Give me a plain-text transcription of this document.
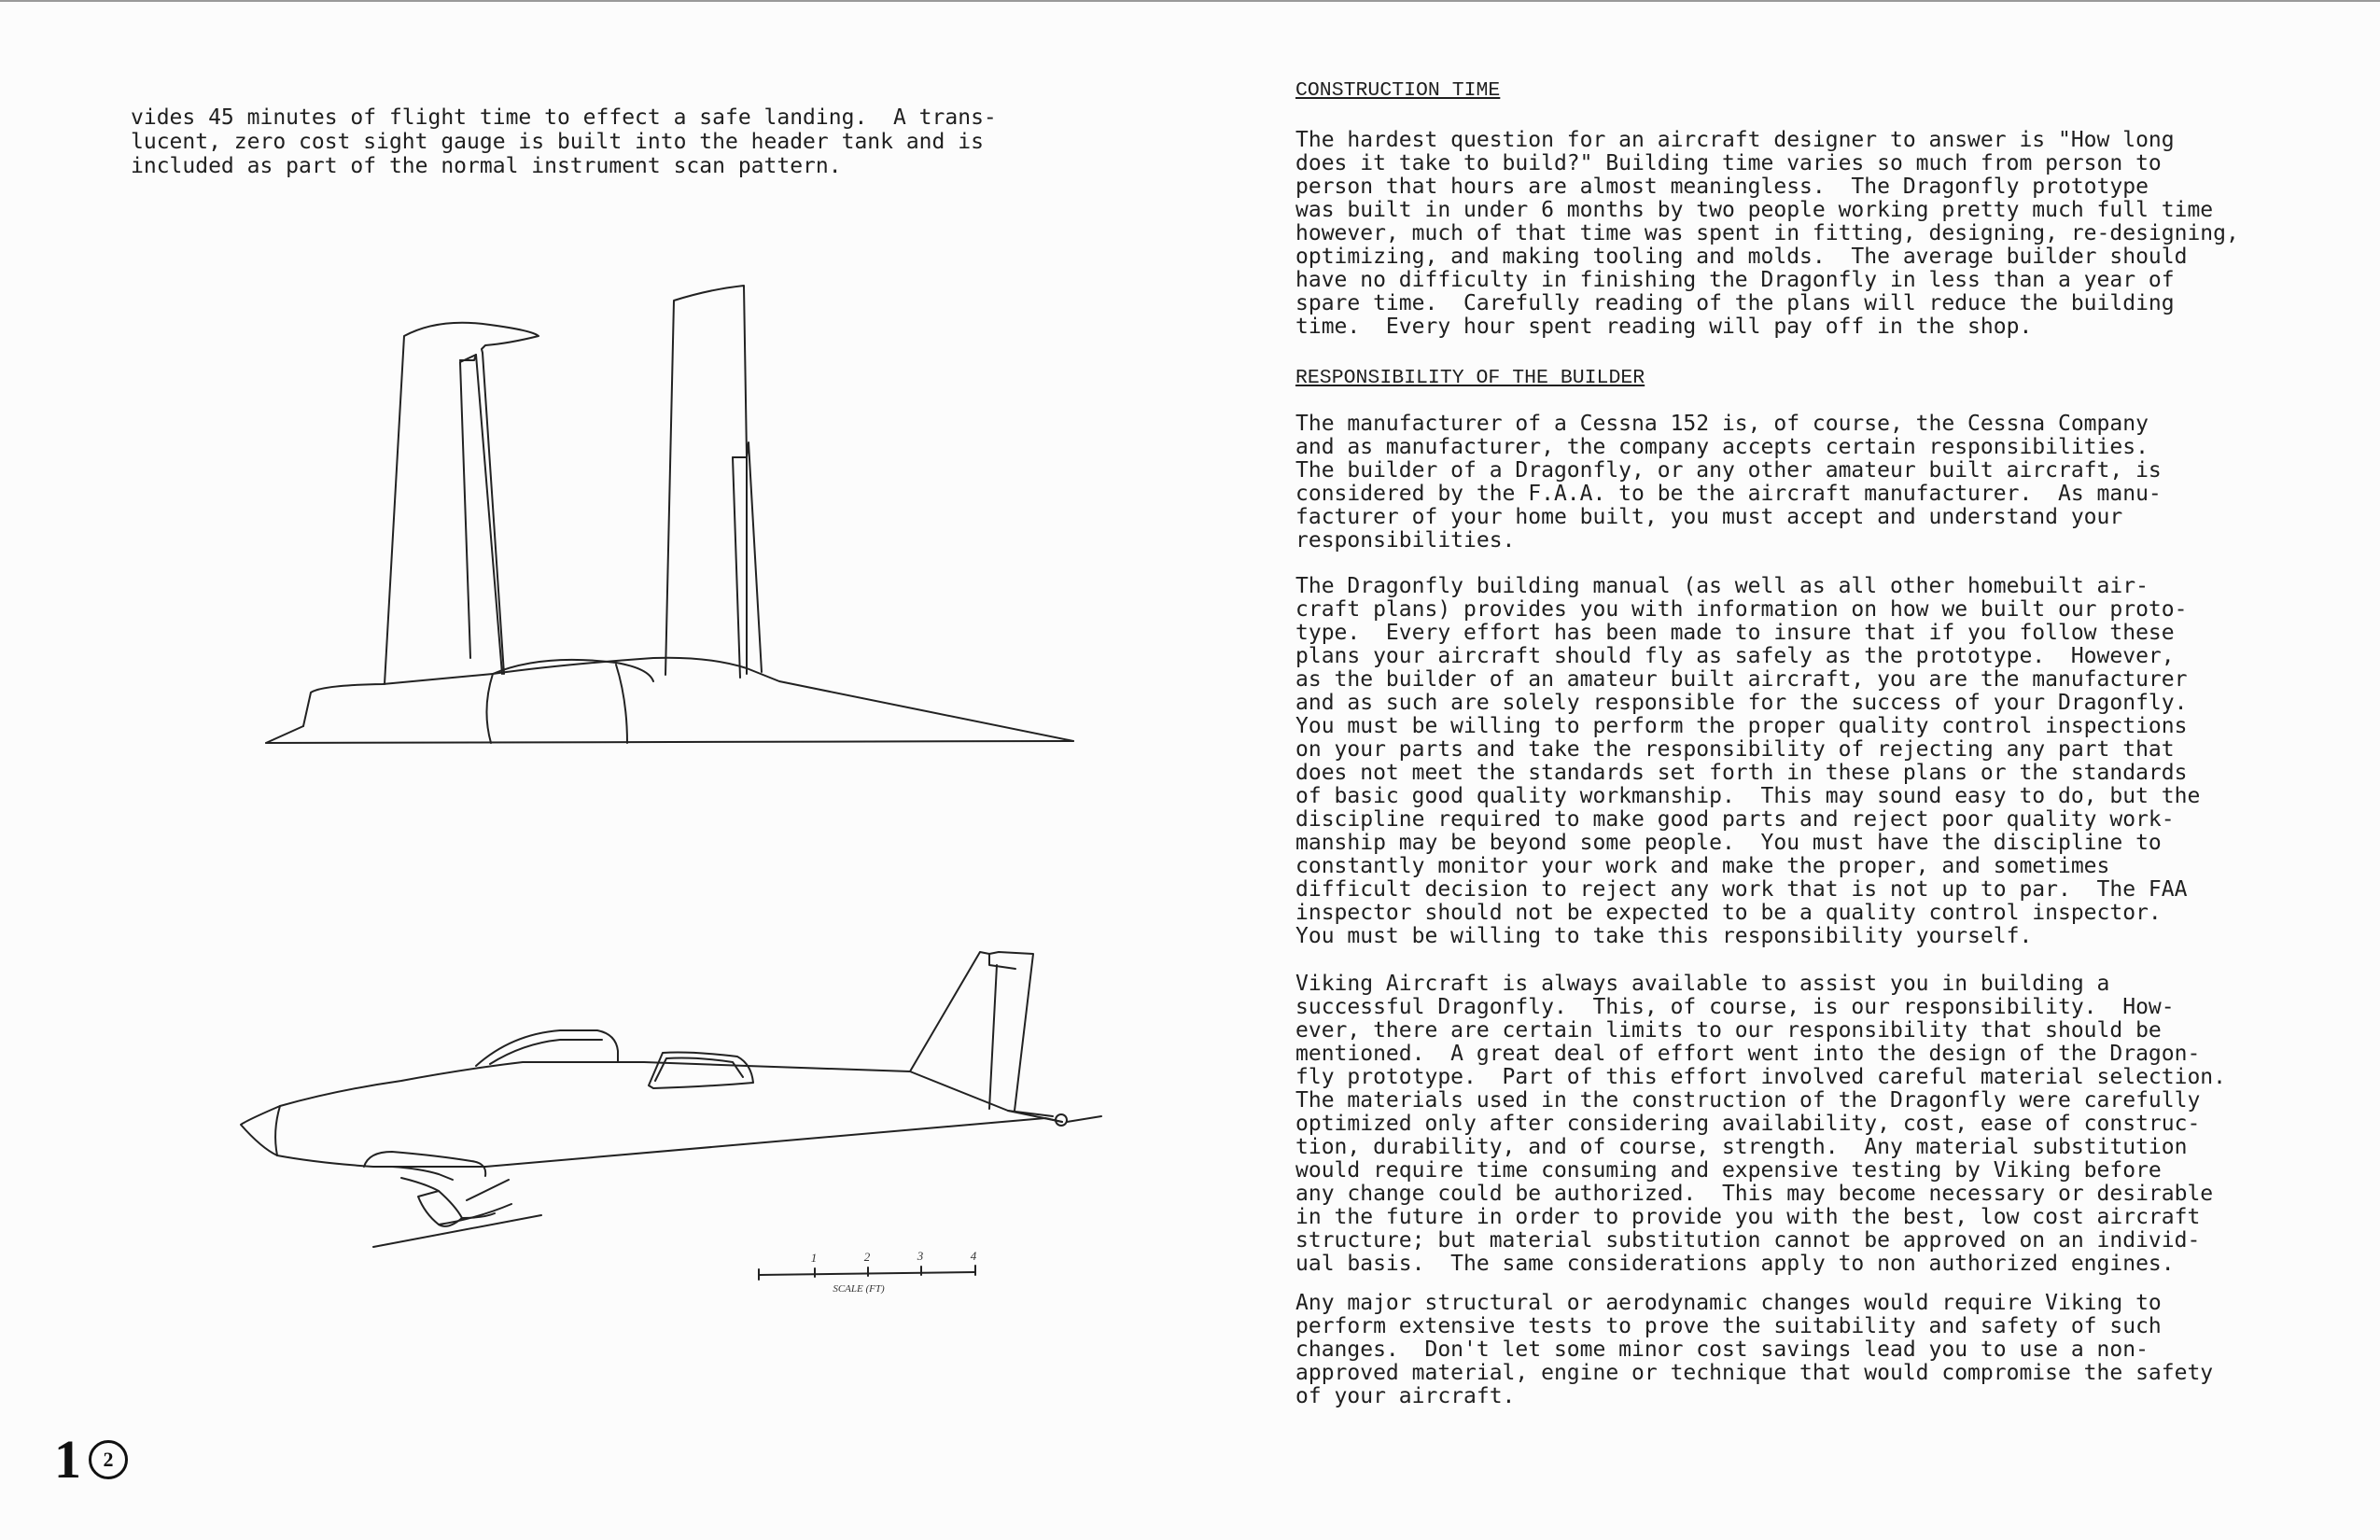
vides 45 minutes of flight time to effect a safe landing.  A trans-
lucent, zero cost sight gauge is built into the header tank and is
included as part of the normal instrument scan pattern.
1	2	3	4
SCALE (FT)
1	2
CONSTRUCTION TIME
The hardest question for an aircraft designer to answer is "How long
does it take to build?" Building time varies so much from person to
person that hours are almost meaningless.  The Dragonfly prototype
was built in under 6 months by two people working pretty much full time
however, much of that time was spent in fitting, designing, re-designing,
optimizing, and making tooling and molds.  The average builder should
have no difficulty in finishing the Dragonfly in less than a year of
spare time.  Carefully reading of the plans will reduce the building
time.  Every hour spent reading will pay off in the shop.
RESPONSIBILITY OF THE BUILDER
The manufacturer of a Cessna 152 is, of course, the Cessna Company
and as manufacturer, the company accepts certain responsibilities.
The builder of a Dragonfly, or any other amateur built aircraft, is
considered by the F.A.A. to be the aircraft manufacturer.  As manu-
facturer of your home built, you must accept and understand your
responsibilities.
The Dragonfly building manual (as well as all other homebuilt air-
craft plans) provides you with information on how we built our proto-
type.  Every effort has been made to insure that if you follow these
plans your aircraft should fly as safely as the prototype.  However,
as the builder of an amateur built aircraft, you are the manufacturer
and as such are solely responsible for the success of your Dragonfly.
You must be willing to perform the proper quality control inspections
on your parts and take the responsibility of rejecting any part that
does not meet the standards set forth in these plans or the standards
of basic good quality workmanship.  This may sound easy to do, but the
discipline required to make good parts and reject poor quality work-
manship may be beyond some people.  You must have the discipline to
constantly monitor your work and make the proper, and sometimes
difficult decision to reject any work that is not up to par.  The FAA
inspector should not be expected to be a quality control inspector.
You must be willing to take this responsibility yourself.
Viking Aircraft is always available to assist you in building a
successful Dragonfly.  This, of course, is our responsibility.  How-
ever, there are certain limits to our responsibility that should be
mentioned.  A great deal of effort went into the design of the Dragon-
fly prototype.  Part of this effort involved careful material selection.
The materials used in the construction of the Dragonfly were carefully
optimized only after considering availability, cost, ease of construc-
tion, durability, and of course, strength.  Any material substitution
would require time consuming and expensive testing by Viking before
any change could be authorized.  This may become necessary or desirable
in the future in order to provide you with the best, low cost aircraft
structure; but material substitution cannot be approved on an individ-
ual basis.  The same considerations apply to non authorized engines.
Any major structural or aerodynamic changes would require Viking to
perform extensive tests to prove the suitability and safety of such
changes.  Don't let some minor cost savings lead you to use a non-
approved material, engine or technique that would compromise the safety
of your aircraft.
